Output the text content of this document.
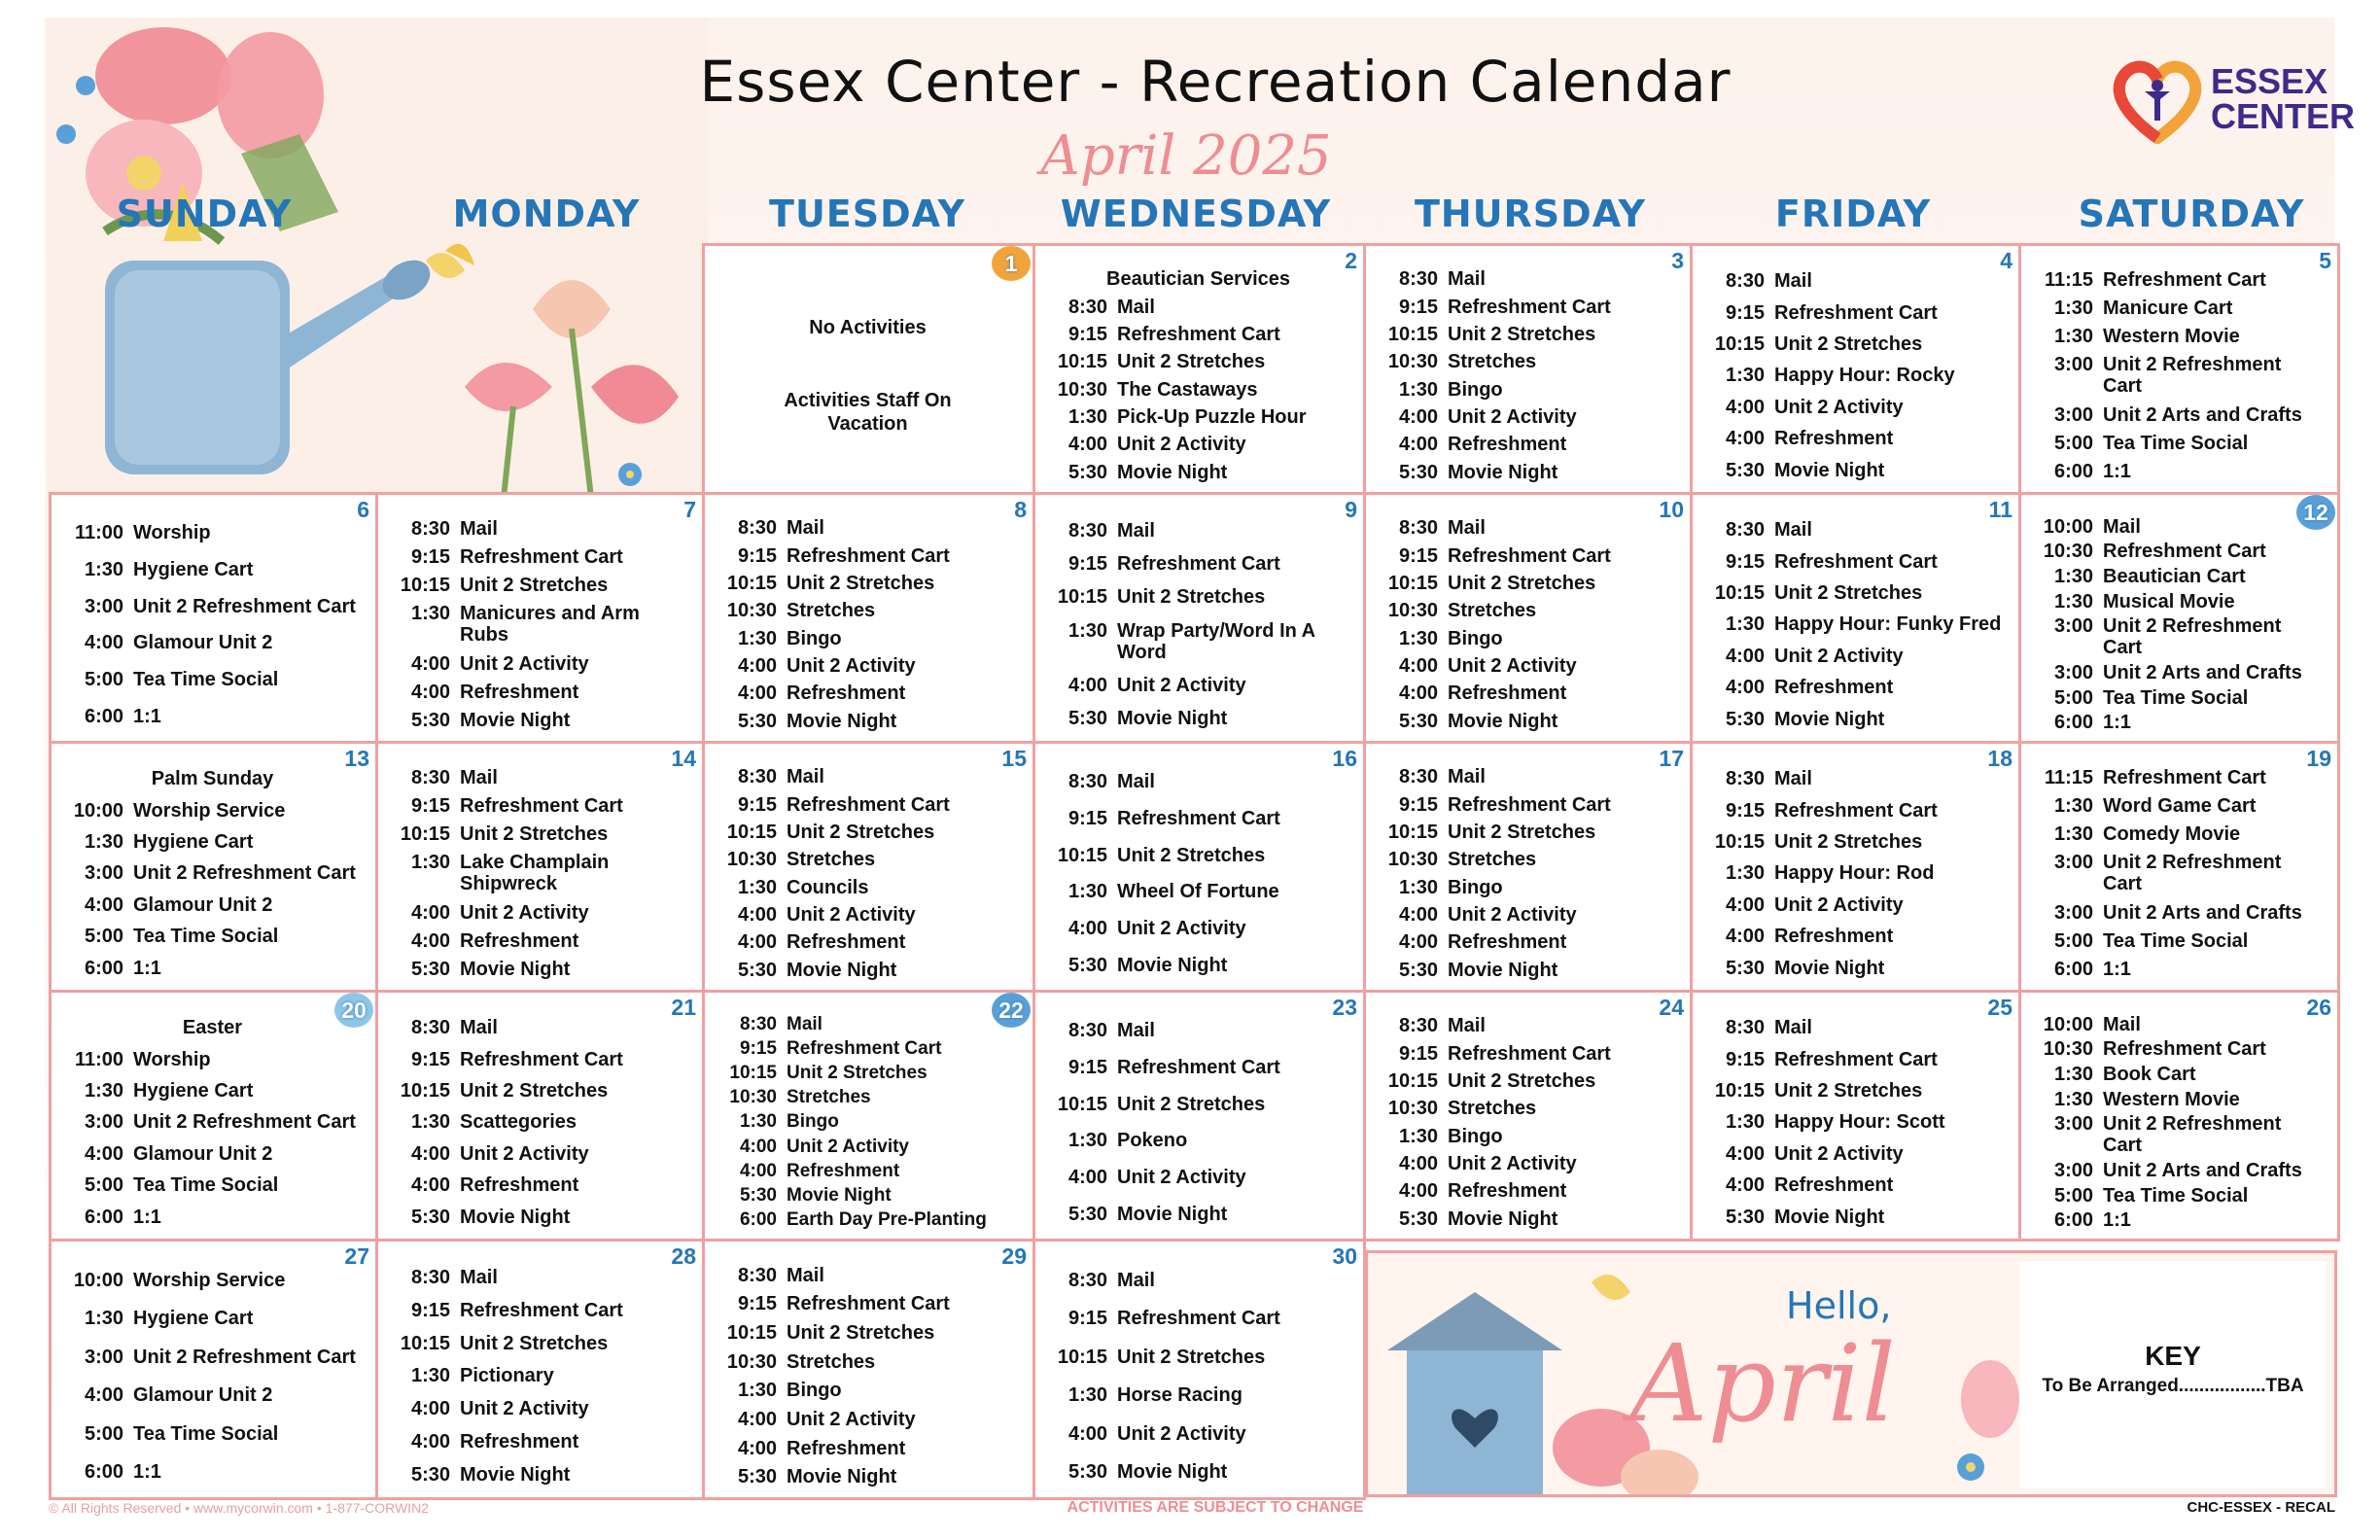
Essex Center - Recreation Calendar
April 2025
ESSEX
CENTER
SUNDAY	MONDAY	TUESDAY	WEDNESDAY	THURSDAY	FRIDAY	SATURDAY
1
No Activities
Activities Staff On Vacation
2
Beautician Services
8:30 Mail
9:15 Refreshment Cart
10:15 Unit 2 Stretches
10:30 The Castaways
1:30 Pick-Up Puzzle Hour
4:00 Unit 2 Activity
5:30 Movie Night
3
8:30 Mail
9:15 Refreshment Cart
10:15 Unit 2 Stretches
10:30 Stretches
1:30 Bingo
4:00 Unit 2 Activity
4:00 Refreshment
5:30 Movie Night
4
8:30 Mail
9:15 Refreshment Cart
10:15 Unit 2 Stretches
1:30 Happy Hour: Rocky
4:00 Unit 2 Activity
4:00 Refreshment
5:30 Movie Night
5
11:15 Refreshment Cart
1:30 Manicure Cart
1:30 Western Movie
3:00 Unit 2 Refreshment Cart
3:00 Unit 2 Arts and Crafts
5:00 Tea Time Social
6:00 1:1
6
11:00 Worship
1:30 Hygiene Cart
3:00 Unit 2 Refreshment Cart
4:00 Glamour Unit 2
5:00 Tea Time Social
6:00 1:1
7
8:30 Mail
9:15 Refreshment Cart
10:15 Unit 2 Stretches
1:30 Manicures and Arm Rubs
4:00 Unit 2 Activity
4:00 Refreshment
5:30 Movie Night
8
8:30 Mail
9:15 Refreshment Cart
10:15 Unit 2 Stretches
10:30 Stretches
1:30 Bingo
4:00 Unit 2 Activity
4:00 Refreshment
5:30 Movie Night
9
8:30 Mail
9:15 Refreshment Cart
10:15 Unit 2 Stretches
1:30 Wrap Party/Word In A Word
4:00 Unit 2 Activity
5:30 Movie Night
10
8:30 Mail
9:15 Refreshment Cart
10:15 Unit 2 Stretches
10:30 Stretches
1:30 Bingo
4:00 Unit 2 Activity
4:00 Refreshment
5:30 Movie Night
11
8:30 Mail
9:15 Refreshment Cart
10:15 Unit 2 Stretches
1:30 Happy Hour: Funky Fred
4:00 Unit 2 Activity
4:00 Refreshment
5:30 Movie Night
12
10:00 Mail
10:30 Refreshment Cart
1:30 Beautician Cart
1:30 Musical Movie
3:00 Unit 2 Refreshment Cart
3:00 Unit 2 Arts and Crafts
5:00 Tea Time Social
6:00 1:1
13
Palm Sunday
10:00 Worship Service
1:30 Hygiene Cart
3:00 Unit 2 Refreshment Cart
4:00 Glamour Unit 2
5:00 Tea Time Social
6:00 1:1
14
8:30 Mail
9:15 Refreshment Cart
10:15 Unit 2 Stretches
1:30 Lake Champlain Shipwreck
4:00 Unit 2 Activity
4:00 Refreshment
5:30 Movie Night
15
8:30 Mail
9:15 Refreshment Cart
10:15 Unit 2 Stretches
10:30 Stretches
1:30 Councils
4:00 Unit 2 Activity
4:00 Refreshment
5:30 Movie Night
16
8:30 Mail
9:15 Refreshment Cart
10:15 Unit 2 Stretches
1:30 Wheel Of Fortune
4:00 Unit 2 Activity
5:30 Movie Night
17
8:30 Mail
9:15 Refreshment Cart
10:15 Unit 2 Stretches
10:30 Stretches
1:30 Bingo
4:00 Unit 2 Activity
4:00 Refreshment
5:30 Movie Night
18
8:30 Mail
9:15 Refreshment Cart
10:15 Unit 2 Stretches
1:30 Happy Hour: Rod
4:00 Unit 2 Activity
4:00 Refreshment
5:30 Movie Night
19
11:15 Refreshment Cart
1:30 Word Game Cart
1:30 Comedy Movie
3:00 Unit 2 Refreshment Cart
3:00 Unit 2 Arts and Crafts
5:00 Tea Time Social
6:00 1:1
20
Easter
11:00 Worship
1:30 Hygiene Cart
3:00 Unit 2 Refreshment Cart
4:00 Glamour Unit 2
5:00 Tea Time Social
6:00 1:1
21
8:30 Mail
9:15 Refreshment Cart
10:15 Unit 2 Stretches
1:30 Scattegories
4:00 Unit 2 Activity
4:00 Refreshment
5:30 Movie Night
22
8:30 Mail
9:15 Refreshment Cart
10:15 Unit 2 Stretches
10:30 Stretches
1:30 Bingo
4:00 Unit 2 Activity
4:00 Refreshment
5:30 Movie Night
6:00 Earth Day Pre-Planting
23
8:30 Mail
9:15 Refreshment Cart
10:15 Unit 2 Stretches
1:30 Pokeno
4:00 Unit 2 Activity
5:30 Movie Night
24
8:30 Mail
9:15 Refreshment Cart
10:15 Unit 2 Stretches
10:30 Stretches
1:30 Bingo
4:00 Unit 2 Activity
4:00 Refreshment
5:30 Movie Night
25
8:30 Mail
9:15 Refreshment Cart
10:15 Unit 2 Stretches
1:30 Happy Hour: Scott
4:00 Unit 2 Activity
4:00 Refreshment
5:30 Movie Night
26
10:00 Mail
10:30 Refreshment Cart
1:30 Book Cart
1:30 Western Movie
3:00 Unit 2 Refreshment Cart
3:00 Unit 2 Arts and Crafts
5:00 Tea Time Social
6:00 1:1
27
10:00 Worship Service
1:30 Hygiene Cart
3:00 Unit 2 Refreshment Cart
4:00 Glamour Unit 2
5:00 Tea Time Social
6:00 1:1
28
8:30 Mail
9:15 Refreshment Cart
10:15 Unit 2 Stretches
1:30 Pictionary
4:00 Unit 2 Activity
4:00 Refreshment
5:30 Movie Night
29
8:30 Mail
9:15 Refreshment Cart
10:15 Unit 2 Stretches
10:30 Stretches
1:30 Bingo
4:00 Unit 2 Activity
4:00 Refreshment
5:30 Movie Night
30
8:30 Mail
9:15 Refreshment Cart
10:15 Unit 2 Stretches
1:30 Horse Racing
4:00 Unit 2 Activity
5:30 Movie Night
Hello,
April	KEY
To Be Arranged.................TBA
© All Rights Reserved • www.mycorwin.com • 1-877-CORWIN2	ACTIVITIES ARE SUBJECT TO CHANGE	CHC-ESSEX - RECAL
